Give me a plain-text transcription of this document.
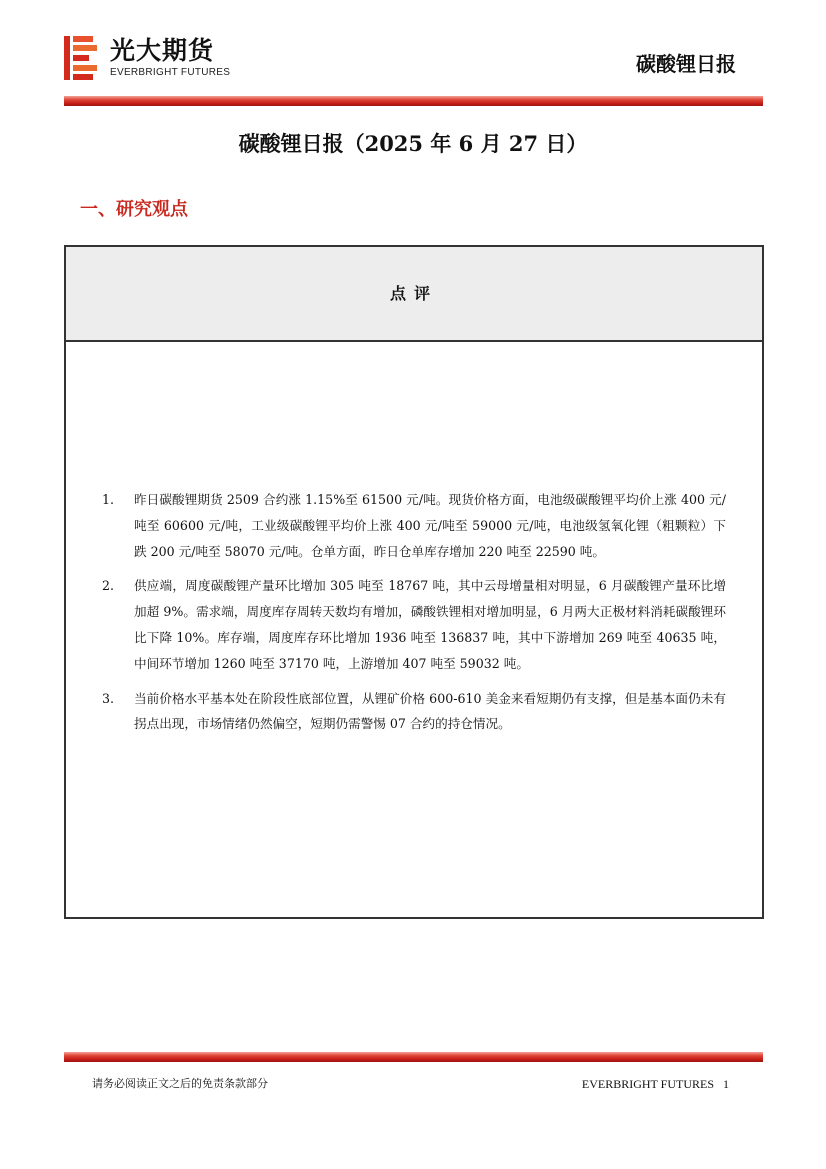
光大期货
EVERBRIGHT FUTURES	碳酸锂日报
碳酸锂日报（2025 年 6 月 27 日）
一、研究观点
点评
1.	昨日碳酸锂期货 2509 合约涨 1.15%至 61500 元/吨。现货价格方面，电池级碳酸锂平均价上涨 400 元/吨至 60600 元/吨，工业级碳酸锂平均价上涨 400 元/吨至 59000 元/吨，电池级氢氧化锂（粗颗粒）下跌 200 元/吨至 58070 元/吨。仓单方面，昨日仓单库存增加 220 吨至 22590 吨。
2.	供应端，周度碳酸锂产量环比增加 305 吨至 18767 吨，其中云母增量相对明显，6 月碳酸锂产量环比增加超 9%。需求端，周度库存周转天数均有增加，磷酸铁锂相对增加明显，6 月两大正极材料消耗碳酸锂环比下降 10%。库存端，周度库存环比增加 1936 吨至 136837 吨，其中下游增加 269 吨至 40635 吨，中间环节增加 1260 吨至 37170 吨，上游增加 407 吨至 59032 吨。
3.	当前价格水平基本处在阶段性底部位置，从锂矿价格 600-610 美金来看短期仍有支撑，但是基本面仍未有拐点出现，市场情绪仍然偏空，短期仍需警惕 07 合约的持仓情况。
请务必阅读正文之后的免责条款部分	EVERBRIGHT FUTURES 1
